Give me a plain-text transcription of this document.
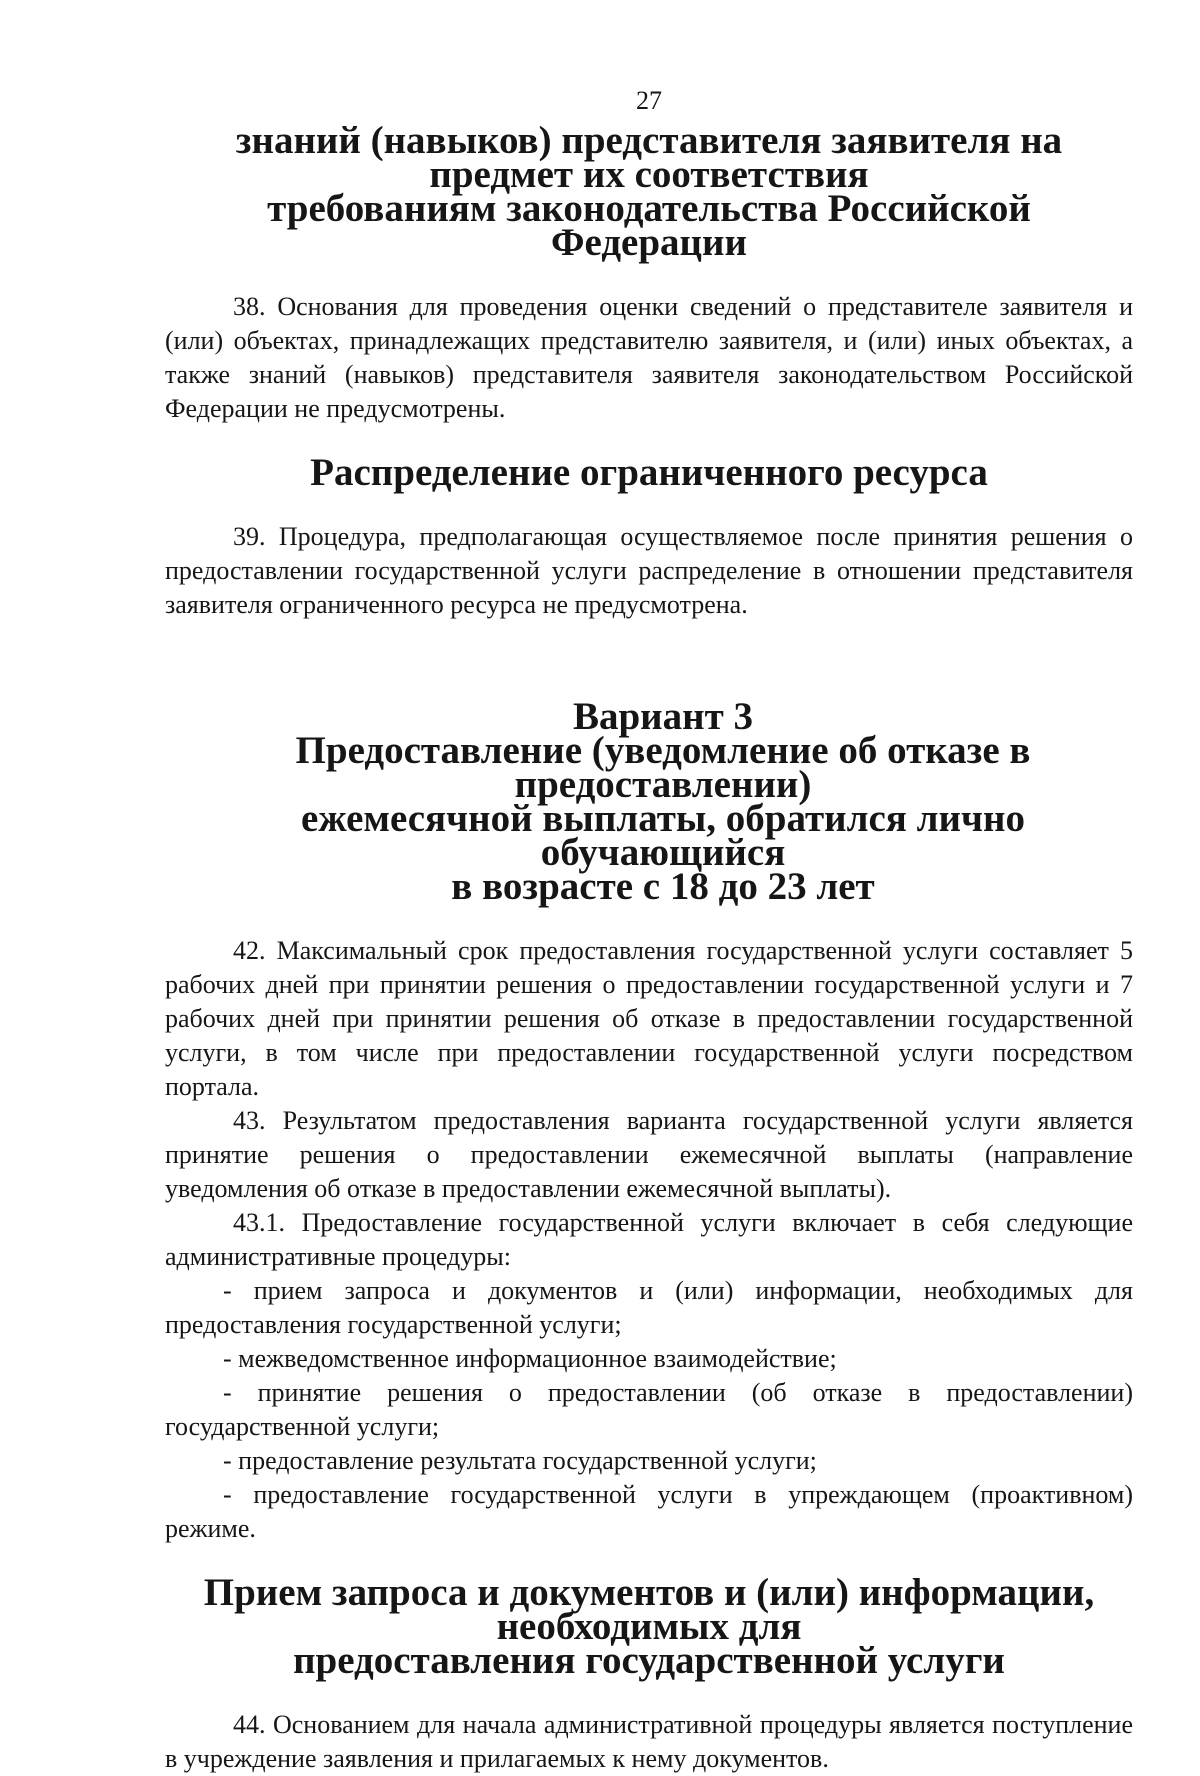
27
знаний (навыков) представителя заявителя на предмет их соответствия
требованиям законодательства Российской Федерации

38. Основания для проведения оценки сведений о представителе заявителя и (или) объектах, принадлежащих представителю заявителя, и (или) иных объектах, а также знаний (навыков) представителя заявителя законодательством Российской Федерации не предусмотрены.

Распределение ограниченного ресурса

39. Процедура, предполагающая осуществляемое после принятия решения о предоставлении государственной услуги распределение в отношении представителя заявителя ограниченного ресурса не предусмотрена.

Вариант 3
Предоставление (уведомление об отказе в предоставлении)
ежемесячной выплаты, обратился лично обучающийся
в возрасте с 18 до 23 лет

42. Максимальный срок предоставления государственной услуги составляет 5 рабочих дней при принятии решения о предоставлении государственной услуги и 7 рабочих дней при принятии решения об отказе в предоставлении государственной услуги, в том числе при предоставлении государственной услуги посредством портала.

43. Результатом предоставления варианта государственной услуги является принятие решения о предоставлении ежемесячной выплаты (направление уведомления об отказе в предоставлении ежемесячной выплаты).

43.1. Предоставление государственной услуги включает в себя следующие административные процедуры:

- прием запроса и документов и (или) информации, необходимых для предоставления государственной услуги;

- межведомственное информационное взаимодействие;

- принятие решения о предоставлении (об отказе в предоставлении) государственной услуги;

- предоставление результата государственной услуги;

- предоставление государственной услуги в упреждающем (проактивном) режиме.

Прием запроса и документов и (или) информации, необходимых для
предоставления государственной услуги

44. Основанием для начала административной процедуры является поступление в учреждение заявления и прилагаемых к нему документов.
